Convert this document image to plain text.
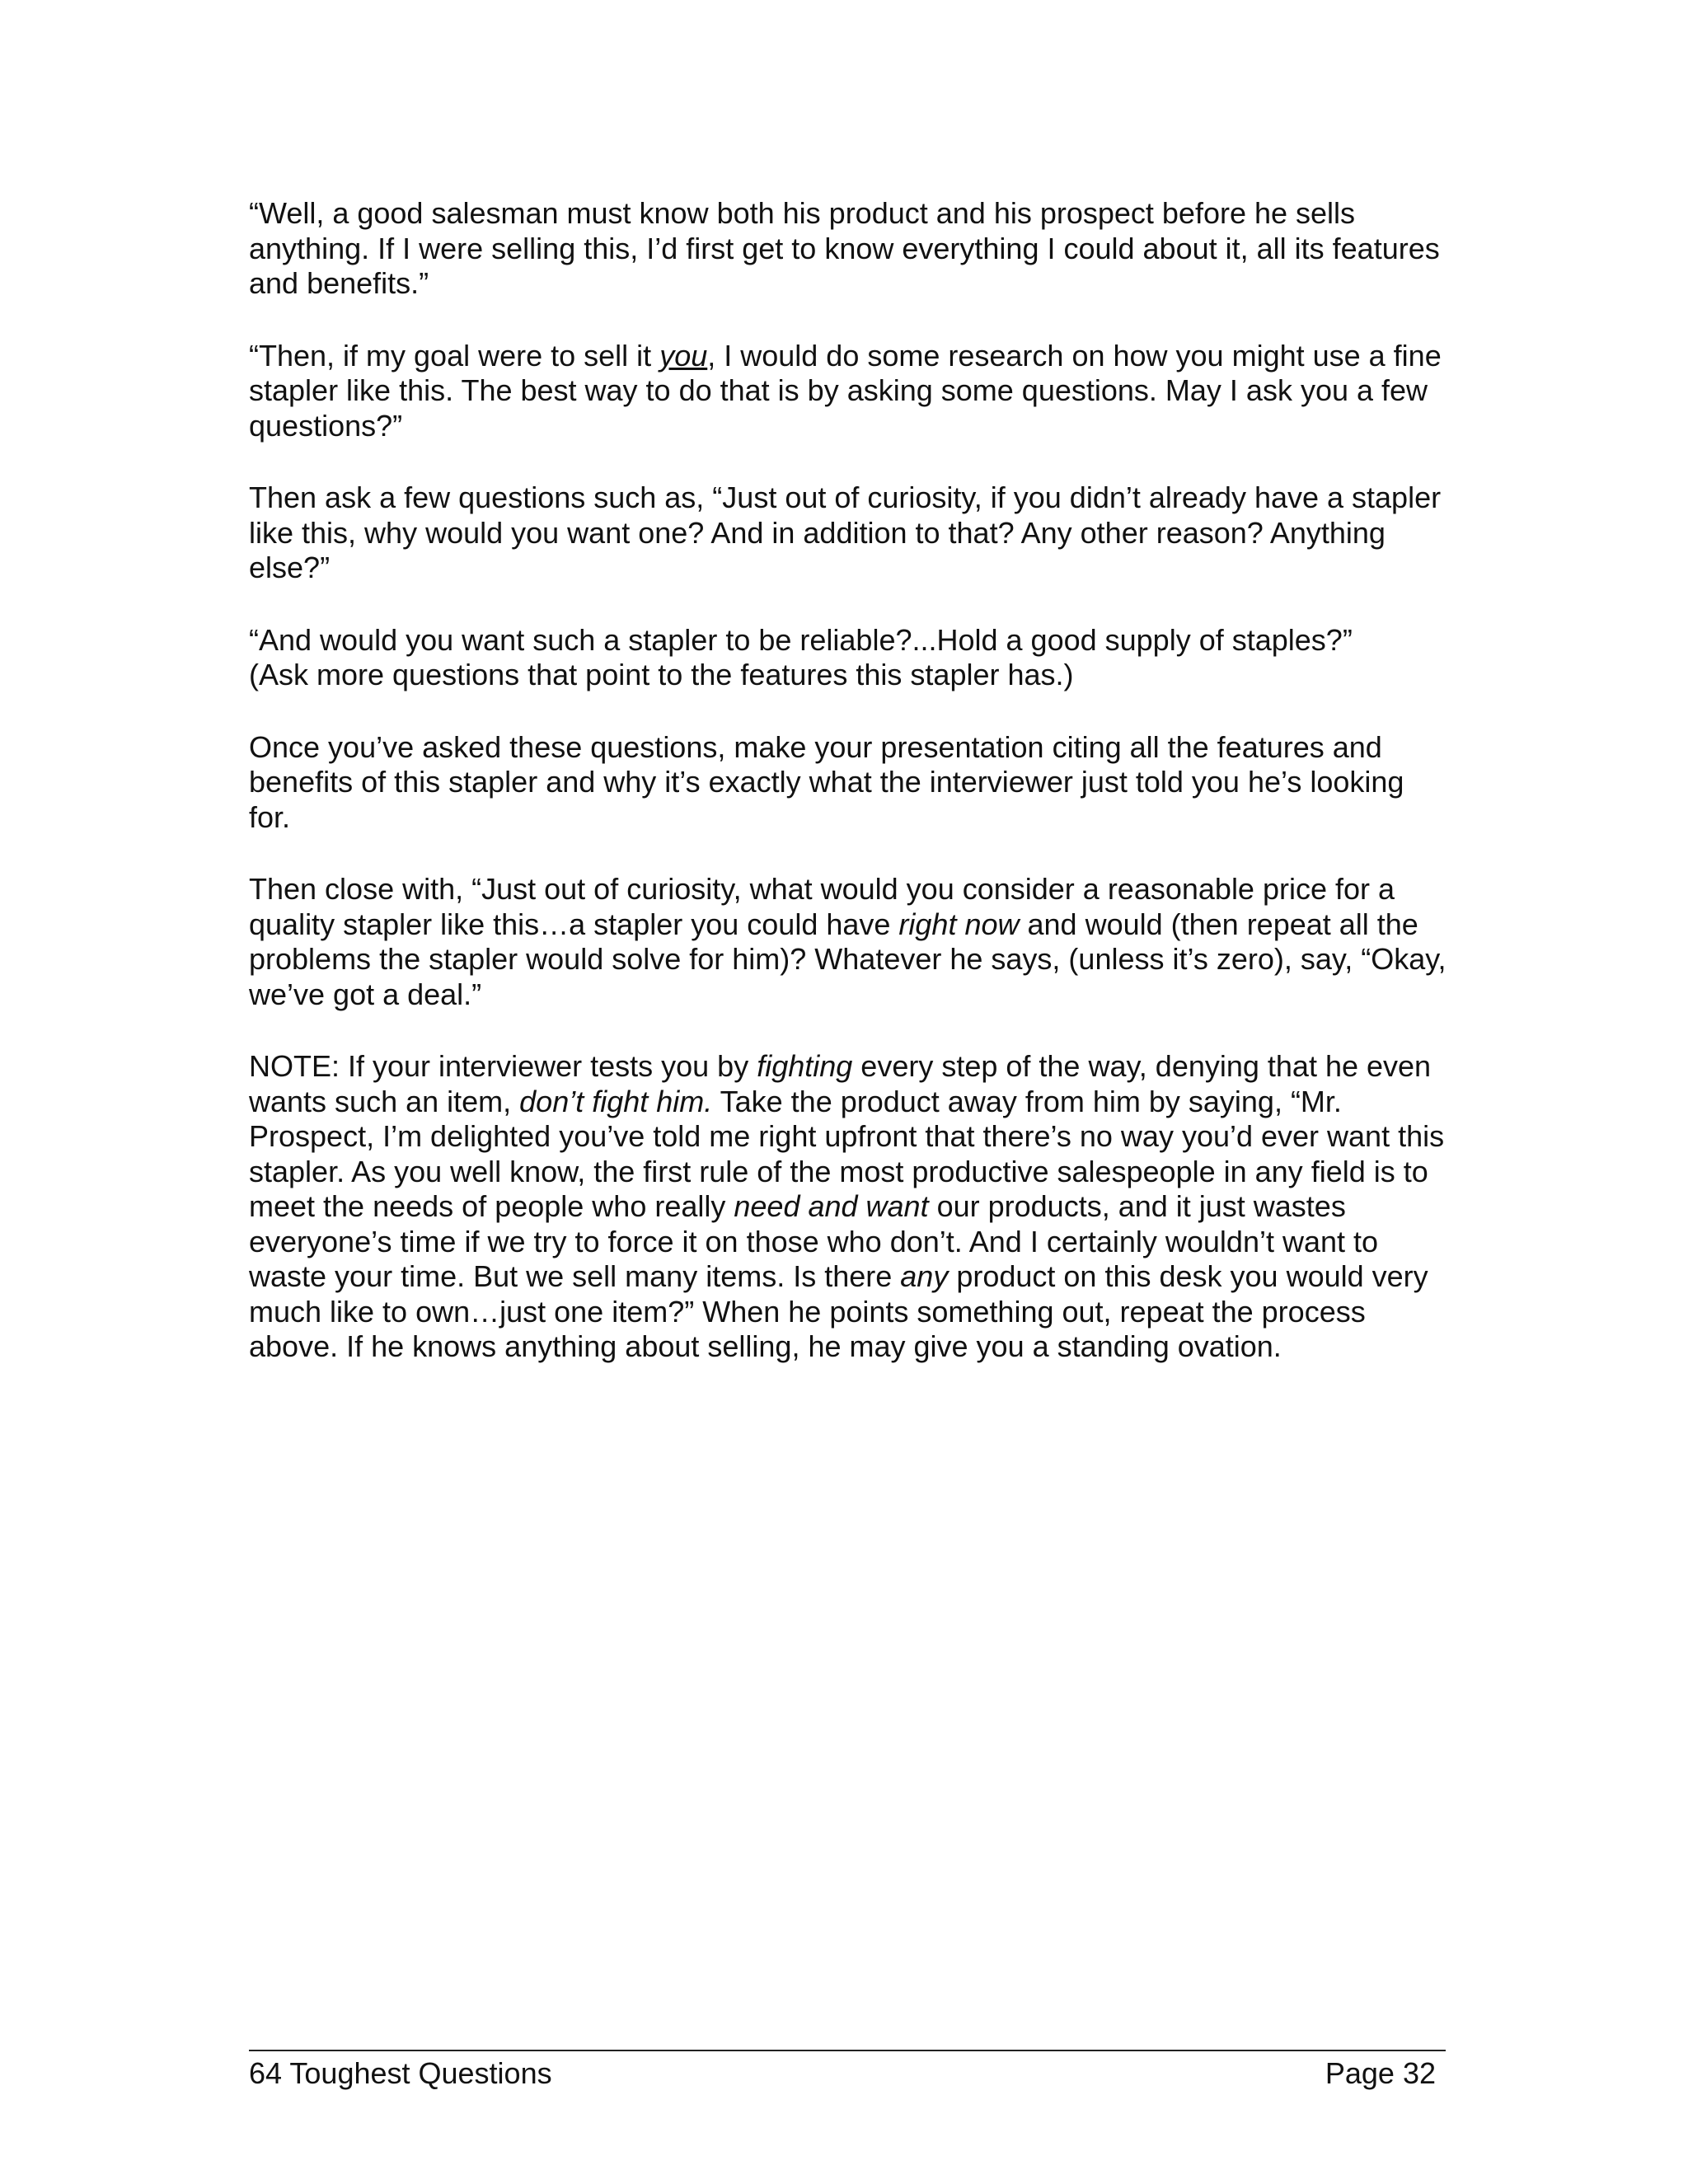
“Well, a good salesman must know both his product and his prospect before he sells anything. If I were selling this, I’d first get to know everything I could about it, all its features and benefits.”

“Then, if my goal were to sell it you, I would do some research on how you might use a fine stapler like this. The best way to do that is by asking some questions. May I ask you a few questions?”

Then ask a few questions such as, “Just out of curiosity, if you didn’t already have a stapler like this, why would you want one? And in addition to that? Any other reason? Anything else?”

“And would you want such a stapler to be reliable?...Hold a good supply of staples?”
(Ask more questions that point to the features this stapler has.)

Once you’ve asked these questions, make your presentation citing all the features and benefits of this stapler and why it’s exactly what the interviewer just told you he’s looking for.

Then close with, “Just out of curiosity, what would you consider a reasonable price for a quality stapler like this…a stapler you could have right now and would (then repeat all the problems the stapler would solve for him)? Whatever he says, (unless it’s zero), say, “Okay, we’ve got a deal.”

NOTE: If your interviewer tests you by fighting every step of the way, denying that he even wants such an item, don’t fight him. Take the product away from him by saying, “Mr. Prospect, I’m delighted you’ve told me right upfront that there’s no way you’d ever want this stapler. As you well know, the first rule of the most productive salespeople in any field is to meet the needs of people who really need and want our products, and it just wastes everyone’s time if we try to force it on those who don’t. And I certainly wouldn’t want to waste your time. But we sell many items. Is there any product on this desk you would very much like to own…just one item?” When he points something out, repeat the process above. If he knows anything about selling, he may give you a standing ovation.

64 Toughest Questions	Page 32
